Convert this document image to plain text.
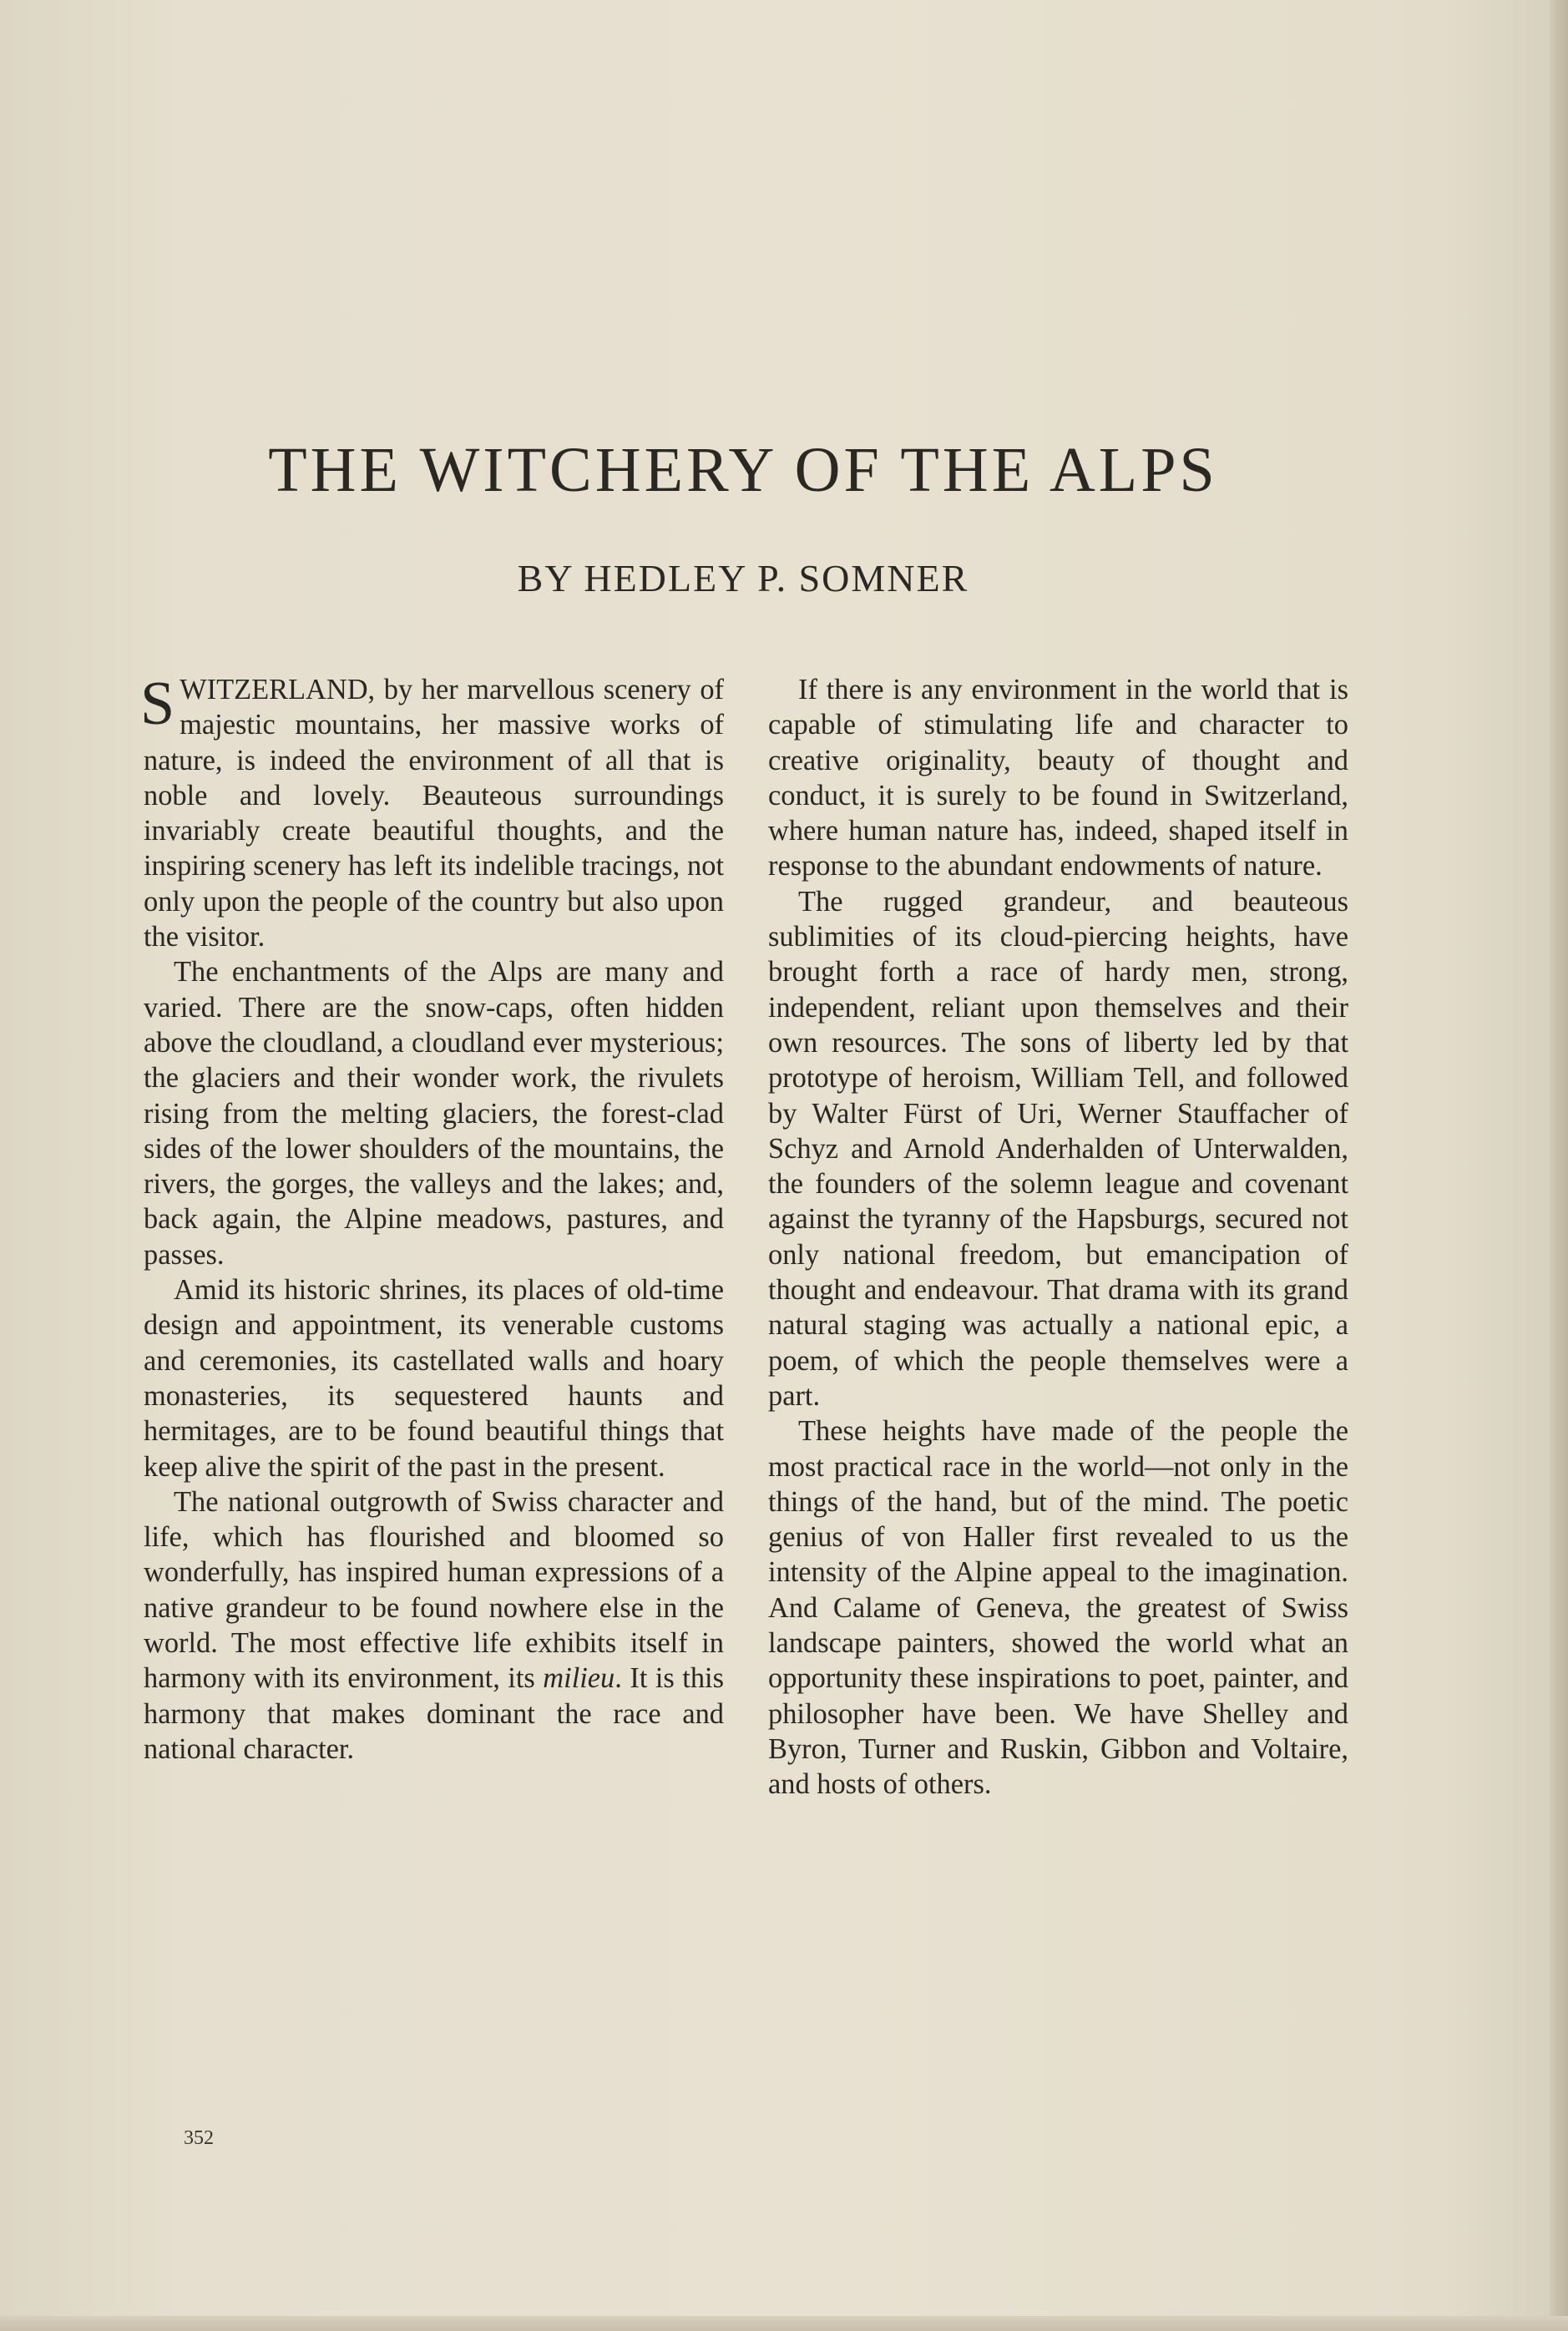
THE WITCHERY OF THE ALPS

BY HEDLEY P. SOMNER

SWITZERLAND, by her marvellous scenery of majestic mountains, her massive works of nature, is indeed the environment of all that is noble and lovely. Beauteous surroundings invariably create beautiful thoughts, and the inspiring scenery has left its indelible tracings, not only upon the people of the country but also upon the visitor.

The enchantments of the Alps are many and varied. There are the snow-caps, often hidden above the cloudland, a cloudland ever mysterious; the glaciers and their wonder work, the rivulets rising from the melting glaciers, the forest-clad sides of the lower shoulders of the mountains, the rivers, the gorges, the valleys and the lakes; and, back again, the Alpine meadows, pastures, and passes.

Amid its historic shrines, its places of old-time design and appointment, its venerable customs and ceremonies, its castellated walls and hoary monasteries, its sequestered haunts and hermitages, are to be found beautiful things that keep alive the spirit of the past in the present.

The national outgrowth of Swiss character and life, which has flourished and bloomed so wonderfully, has inspired human expressions of a native grandeur to be found nowhere else in the world. The most effective life exhibits itself in harmony with its environment, its milieu. It is this harmony that makes dominant the race and national character.

If there is any environment in the world that is capable of stimulating life and character to creative originality, beauty of thought and conduct, it is surely to be found in Switzerland, where human nature has, indeed, shaped itself in response to the abundant endowments of nature.

The rugged grandeur, and beauteous sublimities of its cloud-piercing heights, have brought forth a race of hardy men, strong, independent, reliant upon themselves and their own resources. The sons of liberty led by that prototype of heroism, William Tell, and followed by Walter Fürst of Uri, Werner Stauffacher of Schyz and Arnold Anderhalden of Unterwalden, the founders of the solemn league and covenant against the tyranny of the Hapsburgs, secured not only national freedom, but emancipation of thought and endeavour. That drama with its grand natural staging was actually a national epic, a poem, of which the people themselves were a part.

These heights have made of the people the most practical race in the world—not only in the things of the hand, but of the mind. The poetic genius of von Haller first revealed to us the intensity of the Alpine appeal to the imagination. And Calame of Geneva, the greatest of Swiss landscape painters, showed the world what an opportunity these inspirations to poet, painter, and philosopher have been. We have Shelley and Byron, Turner and Ruskin, Gibbon and Voltaire, and hosts of others.

352
